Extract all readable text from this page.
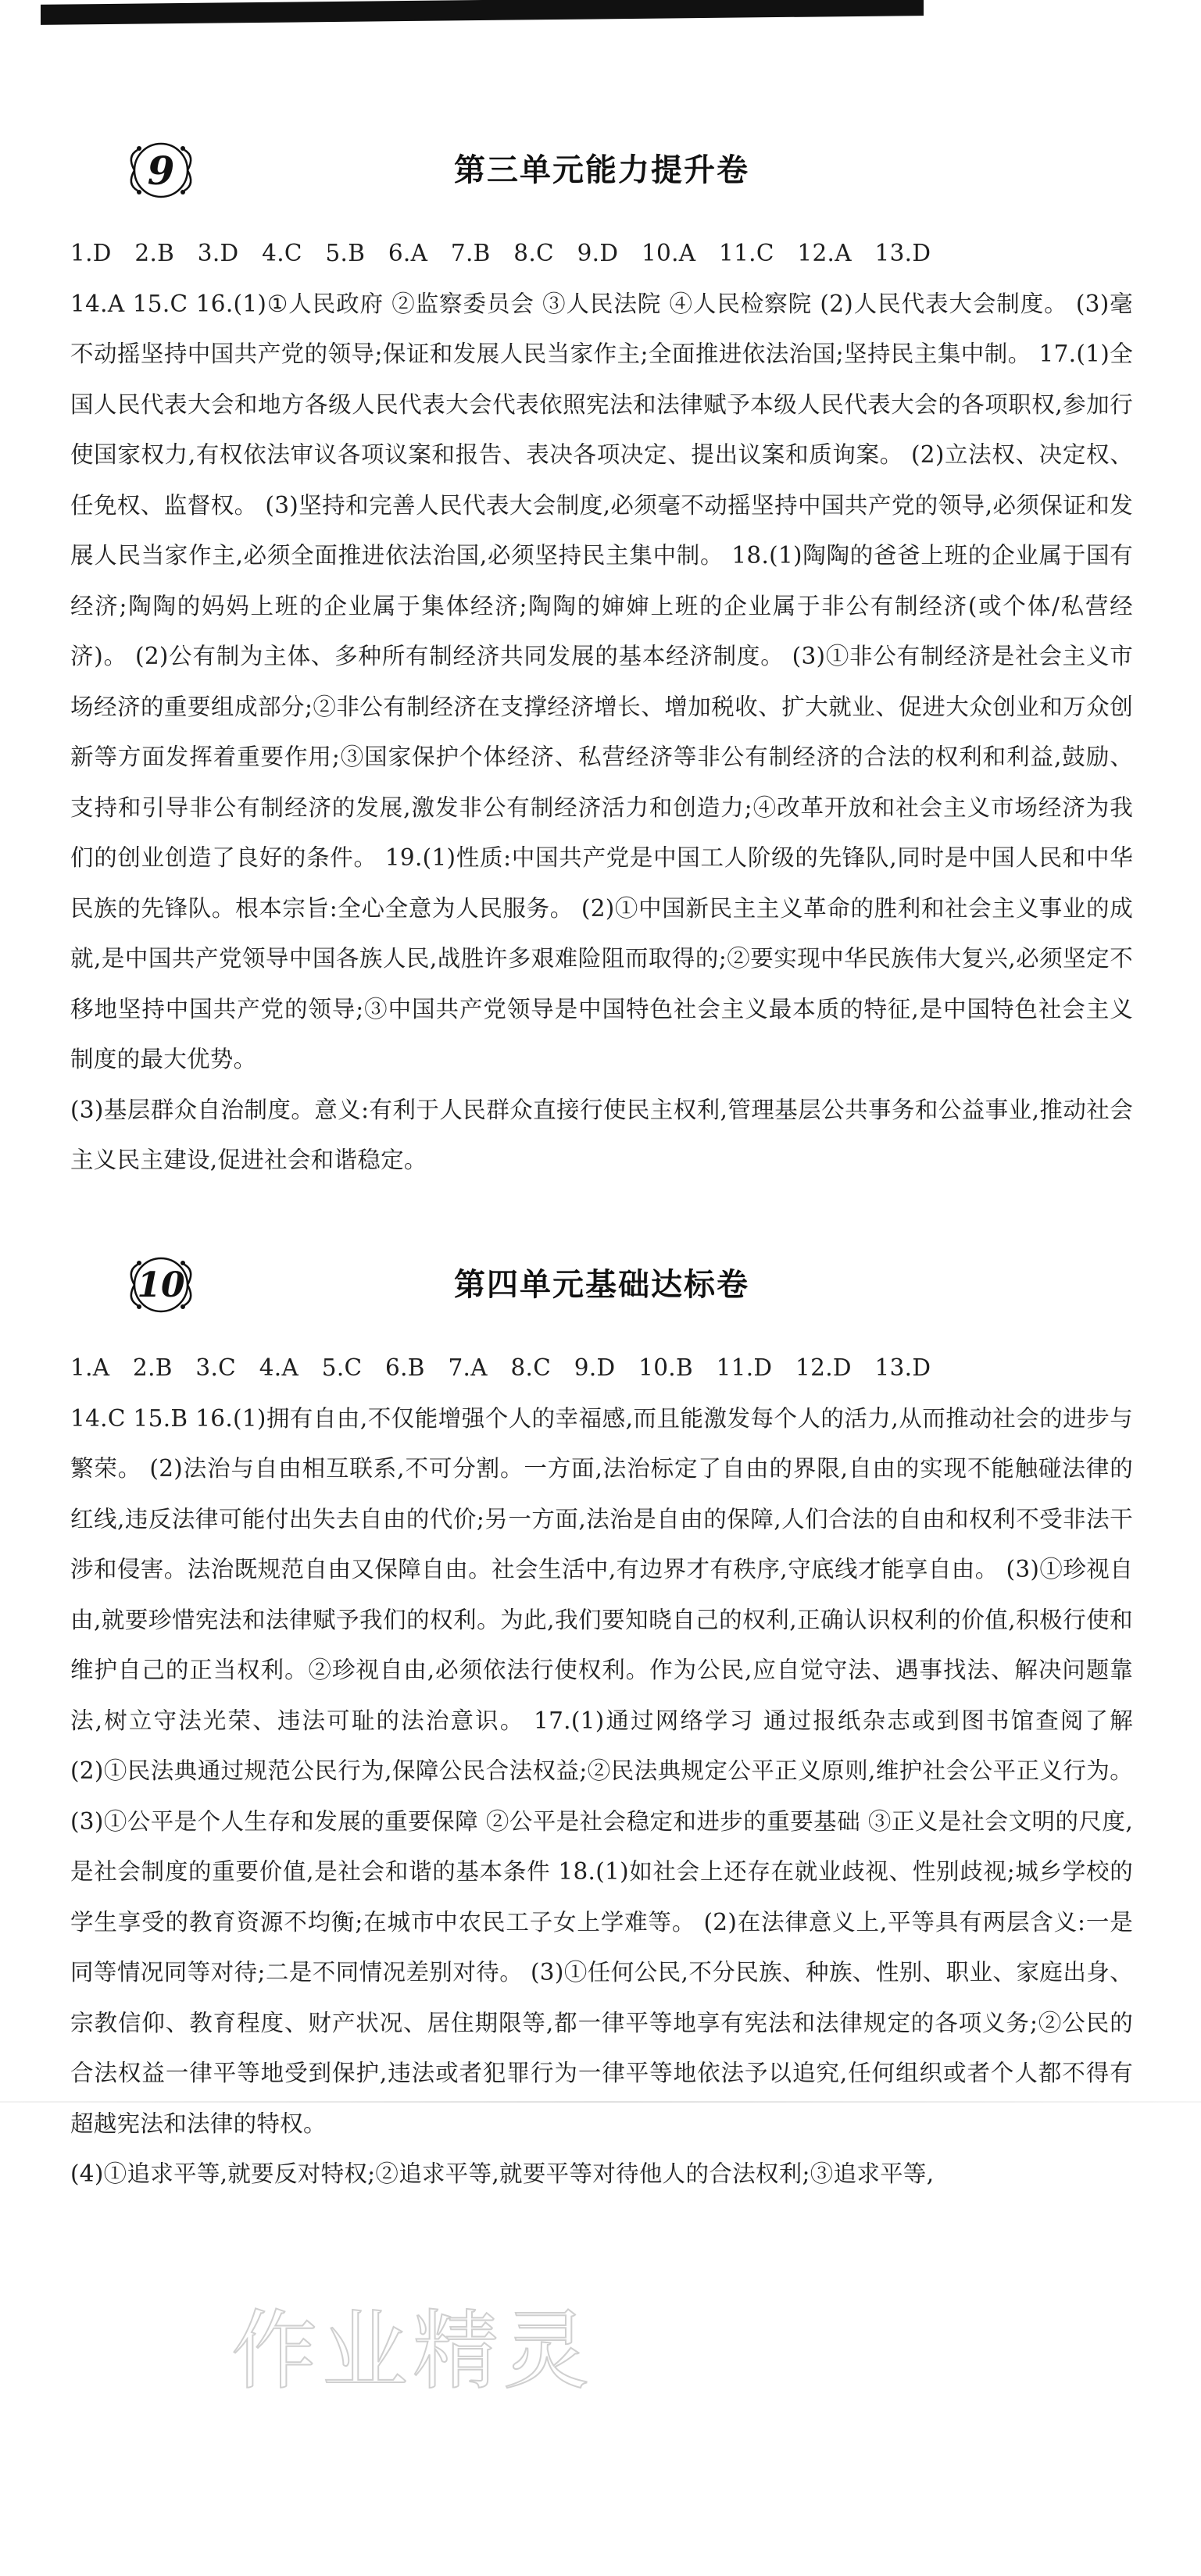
9	第三单元能力提升卷

1.D 2.B 3.D 4.C 5.B 6.A 7.B 8.C 9.D 10.A 11.C 12.A 13.D

14.A 15.C 16.(1)①人民政府 ②监察委员会 ③人民法院 ④人民检察院 (2)人民代表大会制度。 (3)毫不动摇坚持中国共产党的领导;保证和发展人民当家作主;全面推进依法治国;坚持民主集中制。 17.(1)全国人民代表大会和地方各级人民代表大会代表依照宪法和法律赋予本级人民代表大会的各项职权,参加行使国家权力,有权依法审议各项议案和报告、表决各项决定、提出议案和质询案。 (2)立法权、决定权、任免权、监督权。 (3)坚持和完善人民代表大会制度,必须毫不动摇坚持中国共产党的领导,必须保证和发展人民当家作主,必须全面推进依法治国,必须坚持民主集中制。 18.(1)陶陶的爸爸上班的企业属于国有经济;陶陶的妈妈上班的企业属于集体经济;陶陶的婶婶上班的企业属于非公有制经济(或个体/私营经济)。 (2)公有制为主体、多种所有制经济共同发展的基本经济制度。 (3)①非公有制经济是社会主义市场经济的重要组成部分;②非公有制经济在支撑经济增长、增加税收、扩大就业、促进大众创业和万众创新等方面发挥着重要作用;③国家保护个体经济、私营经济等非公有制经济的合法的权利和利益,鼓励、支持和引导非公有制经济的发展,激发非公有制经济活力和创造力;④改革开放和社会主义市场经济为我们的创业创造了良好的条件。 19.(1)性质:中国共产党是中国工人阶级的先锋队,同时是中国人民和中华民族的先锋队。根本宗旨:全心全意为人民服务。 (2)①中国新民主主义革命的胜利和社会主义事业的成就,是中国共产党领导中国各族人民,战胜许多艰难险阻而取得的;②要实现中华民族伟大复兴,必须坚定不移地坚持中国共产党的领导;③中国共产党领导是中国特色社会主义最本质的特征,是中国特色社会主义制度的最大优势。

(3)基层群众自治制度。意义:有利于人民群众直接行使民主权利,管理基层公共事务和公益事业,推动社会主义民主建设,促进社会和谐稳定。

10	第四单元基础达标卷

1.A 2.B 3.C 4.A 5.C 6.B 7.A 8.C 9.D 10.B 11.D 12.D 13.D

14.C 15.B 16.(1)拥有自由,不仅能增强个人的幸福感,而且能激发每个人的活力,从而推动社会的进步与繁荣。 (2)法治与自由相互联系,不可分割。一方面,法治标定了自由的界限,自由的实现不能触碰法律的红线,违反法律可能付出失去自由的代价;另一方面,法治是自由的保障,人们合法的自由和权利不受非法干涉和侵害。法治既规范自由又保障自由。社会生活中,有边界才有秩序,守底线才能享自由。 (3)①珍视自由,就要珍惜宪法和法律赋予我们的权利。为此,我们要知晓自己的权利,正确认识权利的价值,积极行使和维护自己的正当权利。②珍视自由,必须依法行使权利。作为公民,应自觉守法、遇事找法、解决问题靠法,树立守法光荣、违法可耻的法治意识。 17.(1)通过网络学习 通过报纸杂志或到图书馆查阅了解 (2)①民法典通过规范公民行为,保障公民合法权益;②民法典规定公平正义原则,维护社会公平正义行为。 (3)①公平是个人生存和发展的重要保障 ②公平是社会稳定和进步的重要基础 ③正义是社会文明的尺度,是社会制度的重要价值,是社会和谐的基本条件 18.(1)如社会上还存在就业歧视、性别歧视;城乡学校的学生享受的教育资源不均衡;在城市中农民工子女上学难等。 (2)在法律意义上,平等具有两层含义:一是同等情况同等对待;二是不同情况差别对待。 (3)①任何公民,不分民族、种族、性别、职业、家庭出身、宗教信仰、教育程度、财产状况、居住期限等,都一律平等地享有宪法和法律规定的各项义务;②公民的合法权益一律平等地受到保护,违法或者犯罪行为一律平等地依法予以追究,任何组织或者个人都不得有超越宪法和法律的特权。

(4)①追求平等,就要反对特权;②追求平等,就要平等对待他人的合法权利;③追求平等,

作业精灵
